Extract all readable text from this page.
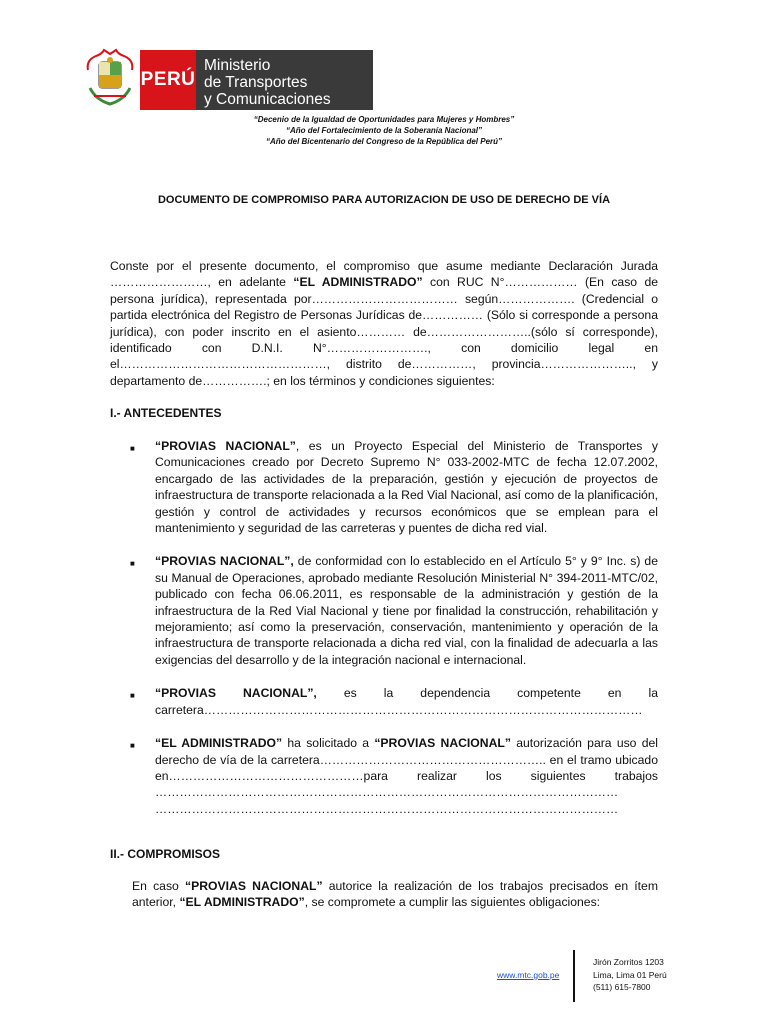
PERÚ
Ministerio
de Transportes
y Comunicaciones
“Decenio de la Igualdad de Oportunidades para Mujeres y Hombres”
“Año del Fortalecimiento de la Soberanía Nacional”
“Año del Bicentenario del Congreso de la República del Perú”
DOCUMENTO DE COMPROMISO PARA AUTORIZACION DE USO DE DERECHO DE VÍA
Conste por el presente documento, el compromiso que asume mediante Declaración Jurada ……………………, en adelante “EL ADMINISTRADO” con RUC N°……………… (En caso de persona jurídica), representada por……………………………… según………………. (Credencial o partida electrónica del Registro de Personas Jurídicas de…………… (Sólo si corresponde a persona jurídica), con poder inscrito en el asiento………… de……………………..(sólo sí corresponde), identificado con D.N.I. N°……………………., con domicilio legal en el……………………………………………, distrito de……………, provincia………………….., y departamento de…………….; en los términos y condiciones siguientes:
I.- ANTECEDENTES
■	“PROVIAS NACIONAL”, es un Proyecto Especial del Ministerio de Transportes y Comunicaciones creado por Decreto Supremo N° 033-2002-MTC de fecha 12.07.2002, encargado de las actividades de la preparación, gestión y ejecución de proyectos de infraestructura de transporte relacionada a la Red Vial Nacional, así como de la planificación, gestión y control de actividades y recursos económicos que se emplean para el mantenimiento y seguridad de las carreteras y puentes de dicha red vial.
■	“PROVIAS NACIONAL”, de conformidad con lo establecido en el Artículo 5° y 9° Inc. s) de su Manual de Operaciones, aprobado mediante Resolución Ministerial N° 394-2011-MTC/02, publicado con fecha 06.06.2011, es responsable de la administración y gestión de la infraestructura de la Red Vial Nacional y tiene por finalidad la construcción, rehabilitación y mejoramiento; así como la preservación, conservación, mantenimiento y operación de la infraestructura de transporte relacionada a dicha red vial, con la finalidad de adecuarla a las exigencias del desarrollo y de la integración nacional e internacional.
■	“PROVIAS NACIONAL”, es la dependencia competente en la carretera………………………………………………………………………………………………
■	“EL ADMINISTRADO” ha solicitado a “PROVIAS NACIONAL” autorización para uso del derecho de vía de la carretera……………………………………………….. en el tramo ubicado en…………………………………………para realizar los siguientes trabajos …………………………………………………………………………………………………… ……………………………………………………………………………………………………
II.- COMPROMISOS
En caso “PROVIAS NACIONAL” autorice la realización de los trabajos precisados en ítem anterior, “EL ADMINISTRADO”, se compromete a cumplir las siguientes obligaciones:
www.mtc.gob.pe
Jirón Zorritos 1203
Lima, Lima 01 Perú
(511) 615-7800
